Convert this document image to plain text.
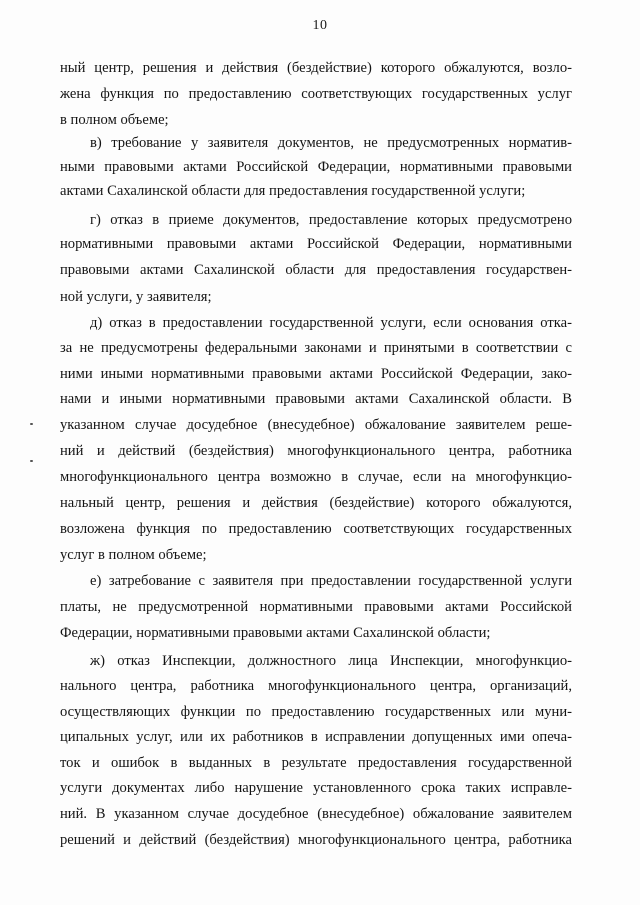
10
ный центр, решения и действия (бездействие) которого обжалуются, возло-
жена функция по предоставлению соответствующих государственных услуг
в полном объеме;
в) требование у заявителя документов, не предусмотренных норматив-
ными правовыми актами Российской Федерации, нормативными правовыми
актами Сахалинской области для предоставления государственной услуги;
г) отказ в приеме документов, предоставление которых предусмотрено
нормативными правовыми актами Российской Федерации, нормативными
правовыми актами Сахалинской области для предоставления государствен-
ной услуги, у заявителя;
д) отказ в предоставлении государственной услуги, если основания отка-
за не предусмотрены федеральными законами и принятыми в соответствии с
ними иными нормативными правовыми актами Российской Федерации, зако-
нами и иными нормативными правовыми актами Сахалинской области. В
указанном случае досудебное (внесудебное) обжалование заявителем реше-
ний и действий (бездействия) многофункционального центра, работника
многофункционального центра возможно в случае, если на многофункцио-
нальный центр, решения и действия (бездействие) которого обжалуются,
возложена функция по предоставлению соответствующих государственных
услуг в полном объеме;
е) затребование с заявителя при предоставлении государственной услуги
платы, не предусмотренной нормативными правовыми актами Российской
Федерации, нормативными правовыми актами Сахалинской области;
ж) отказ Инспекции, должностного лица Инспекции, многофункцио-
нального центра, работника многофункционального центра, организаций,
осуществляющих функции по предоставлению государственных или муни-
ципальных услуг, или их работников в исправлении допущенных ими опеча-
ток и ошибок в выданных в результате предоставления государственной
услуги документах либо нарушение установленного срока таких исправле-
ний. В указанном случае досудебное (внесудебное) обжалование заявителем
решений и действий (бездействия) многофункционального центра, работника
